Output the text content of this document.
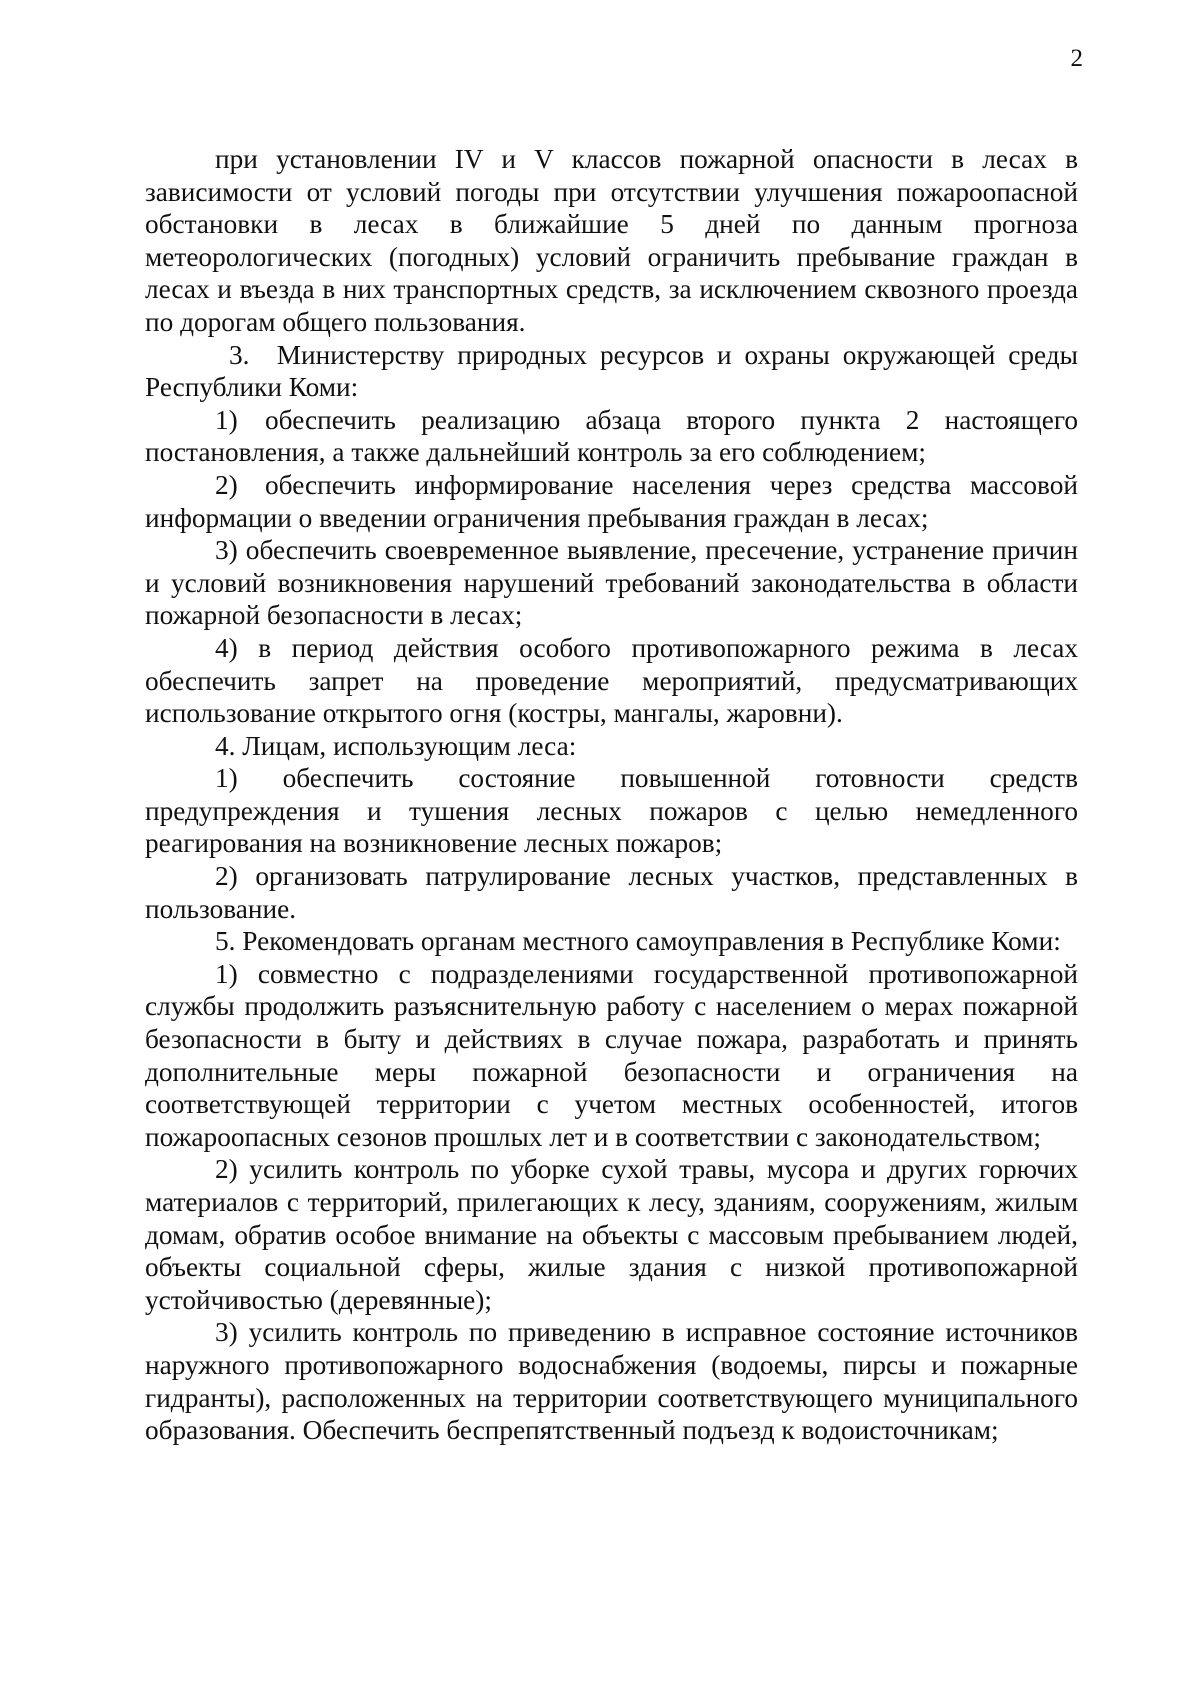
2

при установлении IV и V классов пожарной опасности в лесах в зависимости от условий погоды при отсутствии улучшения пожароопасной обстановки в лесах в ближайшие 5 дней по данным прогноза метеорологических (погодных) условий ограничить пребывание граждан в лесах и въезда в них транспортных средств, за исключением сквозного проезда по дорогам общего пользования.

3. Министерству природных ресурсов и охраны окружающей среды Республики Коми:

1) обеспечить реализацию абзаца второго пункта 2 настоящего постановления, а также дальнейший контроль за его соблюдением;

2) обеспечить информирование населения через средства массовой информации о введении ограничения пребывания граждан в лесах;

3) обеспечить своевременное выявление, пресечение, устранение причин и условий возникновения нарушений требований законодательства в области пожарной безопасности в лесах;

4) в период действия особого противопожарного режима в лесах обеспечить запрет на проведение мероприятий, предусматривающих использование открытого огня (костры, мангалы, жаровни).

4. Лицам, использующим леса:

1) обеспечить состояние повышенной готовности средств предупреждения и тушения лесных пожаров с целью немедленного реагирования на возникновение лесных пожаров;

2) организовать патрулирование лесных участков, представленных в пользование.

5. Рекомендовать органам местного самоуправления в Республике Коми:

1) совместно с подразделениями государственной противопожарной службы продолжить разъяснительную работу с населением о мерах пожарной безопасности в быту и действиях в случае пожара, разработать и принять дополнительные меры пожарной безопасности и ограничения на соответствующей территории с учетом местных особенностей, итогов пожароопасных сезонов прошлых лет и в соответствии с законодательством;

2) усилить контроль по уборке сухой травы, мусора и других горючих материалов с территорий, прилегающих к лесу, зданиям, сооружениям, жилым домам, обратив особое внимание на объекты с массовым пребыванием людей, объекты социальной сферы, жилые здания с низкой противопожарной устойчивостью (деревянные);

3) усилить контроль по приведению в исправное состояние источников наружного противопожарного водоснабжения (водоемы, пирсы и пожарные гидранты), расположенных на территории соответствующего муниципального образования. Обеспечить беспрепятственный подъезд к водоисточникам;
